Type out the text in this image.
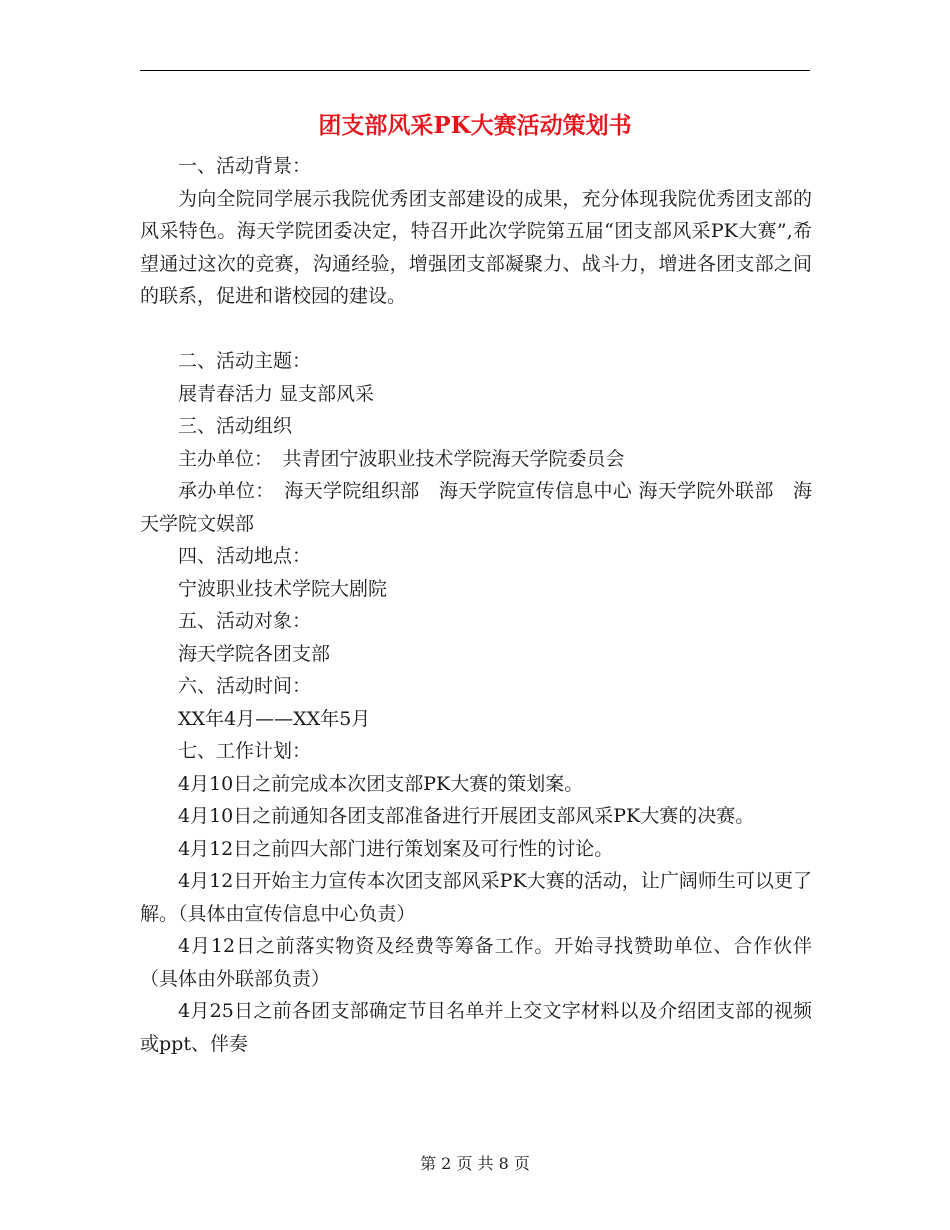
团支部风采PK大赛活动策划书

一、活动背景：

为向全院同学展示我院优秀团支部建设的成果，充分体现我院优秀团支部的风采特色。海天学院团委决定，特召开此次学院第五届“团支部风采PK大赛”,希望通过这次的竞赛，沟通经验，增强团支部凝聚力、战斗力，增进各团支部之间的联系，促进和谐校园的建设。

二、活动主题：

展青春活力 显支部风采

三、活动组织

主办单位：　共青团宁波职业技术学院海天学院委员会

承办单位：　海天学院组织部　海天学院宣传信息中心 海天学院外联部　海天学院文娱部

四、活动地点：

宁波职业技术学院大剧院

五、活动对象：

海天学院各团支部

六、活动时间：

XX年4月——XX年5月

七、工作计划：

4月10日之前完成本次团支部PK大赛的策划案。

4月10日之前通知各团支部准备进行开展团支部风采PK大赛的决赛。

4月12日之前四大部门进行策划案及可行性的讨论。

4月12日开始主力宣传本次团支部风采PK大赛的活动，让广阔师生可以更了解。（具体由宣传信息中心负责）

4月12日之前落实物资及经费等筹备工作。开始寻找赞助单位、合作伙伴（具体由外联部负责）

4月25日之前各团支部确定节目名单并上交文字材料以及介绍团支部的视频或ppt、伴奏

第 2 页 共 8 页
